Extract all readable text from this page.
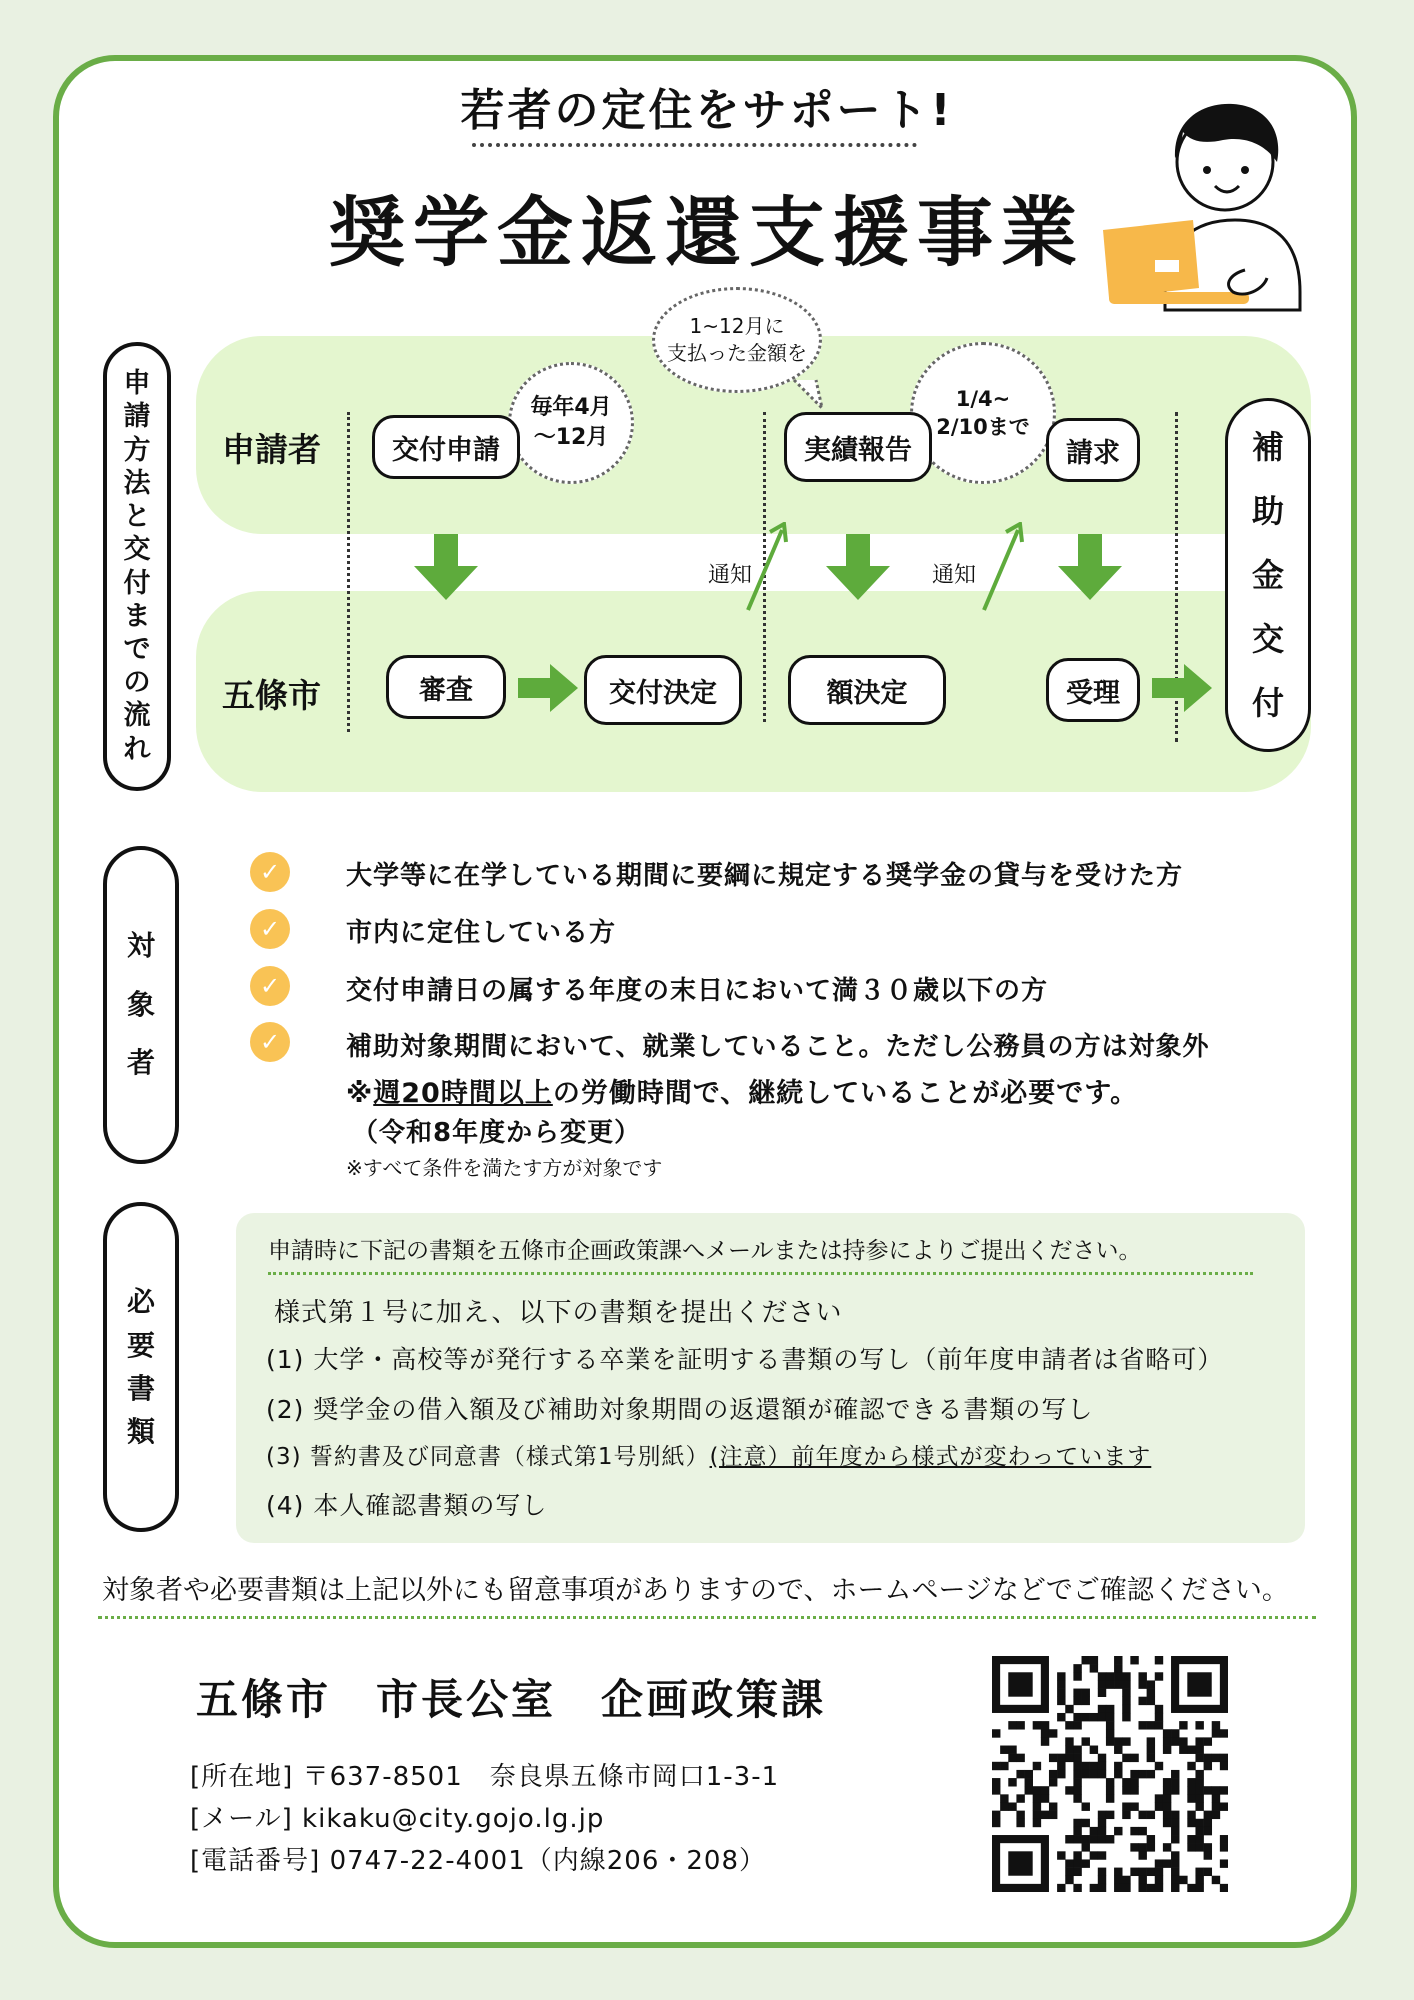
若者の定住をサポート!
奨学金返還支援事業
申
請
方
法
と
交
付
ま
で
の
流
れ
申請者
五條市
毎年4月
〜12月
1~12月に
支払った金額を
1/4~
2/10まで
交付申請	実績報告	請求
通知	通知
審査	交付決定	額決定	受理
補
助
金
交
付
対
象
者
✓	大学等に在学している期間に要綱に規定する奨学金の貸与を受けた方
✓	市内に定住している方
✓	交付申請日の属する年度の末日において満３０歳以下の方
✓	補助対象期間において、就業していること。ただし公務員の方は対象外
※週20時間以上の労働時間で、継続していることが必要です。
（令和8年度から変更）
※すべて条件を満たす方が対象です
必
要
書
類
申請時に下記の書類を五條市企画政策課へメールまたは持参によりご提出ください。
様式第１号に加え、以下の書類を提出ください
(1) 大学・高校等が発行する卒業を証明する書類の写し（前年度申請者は省略可）
(2) 奨学金の借入額及び補助対象期間の返還額が確認できる書類の写し
(3) 誓約書及び同意書（様式第1号別紙）(注意）前年度から様式が変わっています
(4) 本人確認書類の写し
対象者や必要書類は上記以外にも留意事項がありますので、ホームページなどでご確認ください。
五條市　市長公室　企画政策課
[所在地] 〒637-8501　奈良県五條市岡口1-3-1
[メール] kikaku@city.gojo.lg.jp
[電話番号] 0747-22-4001（内線206・208）
